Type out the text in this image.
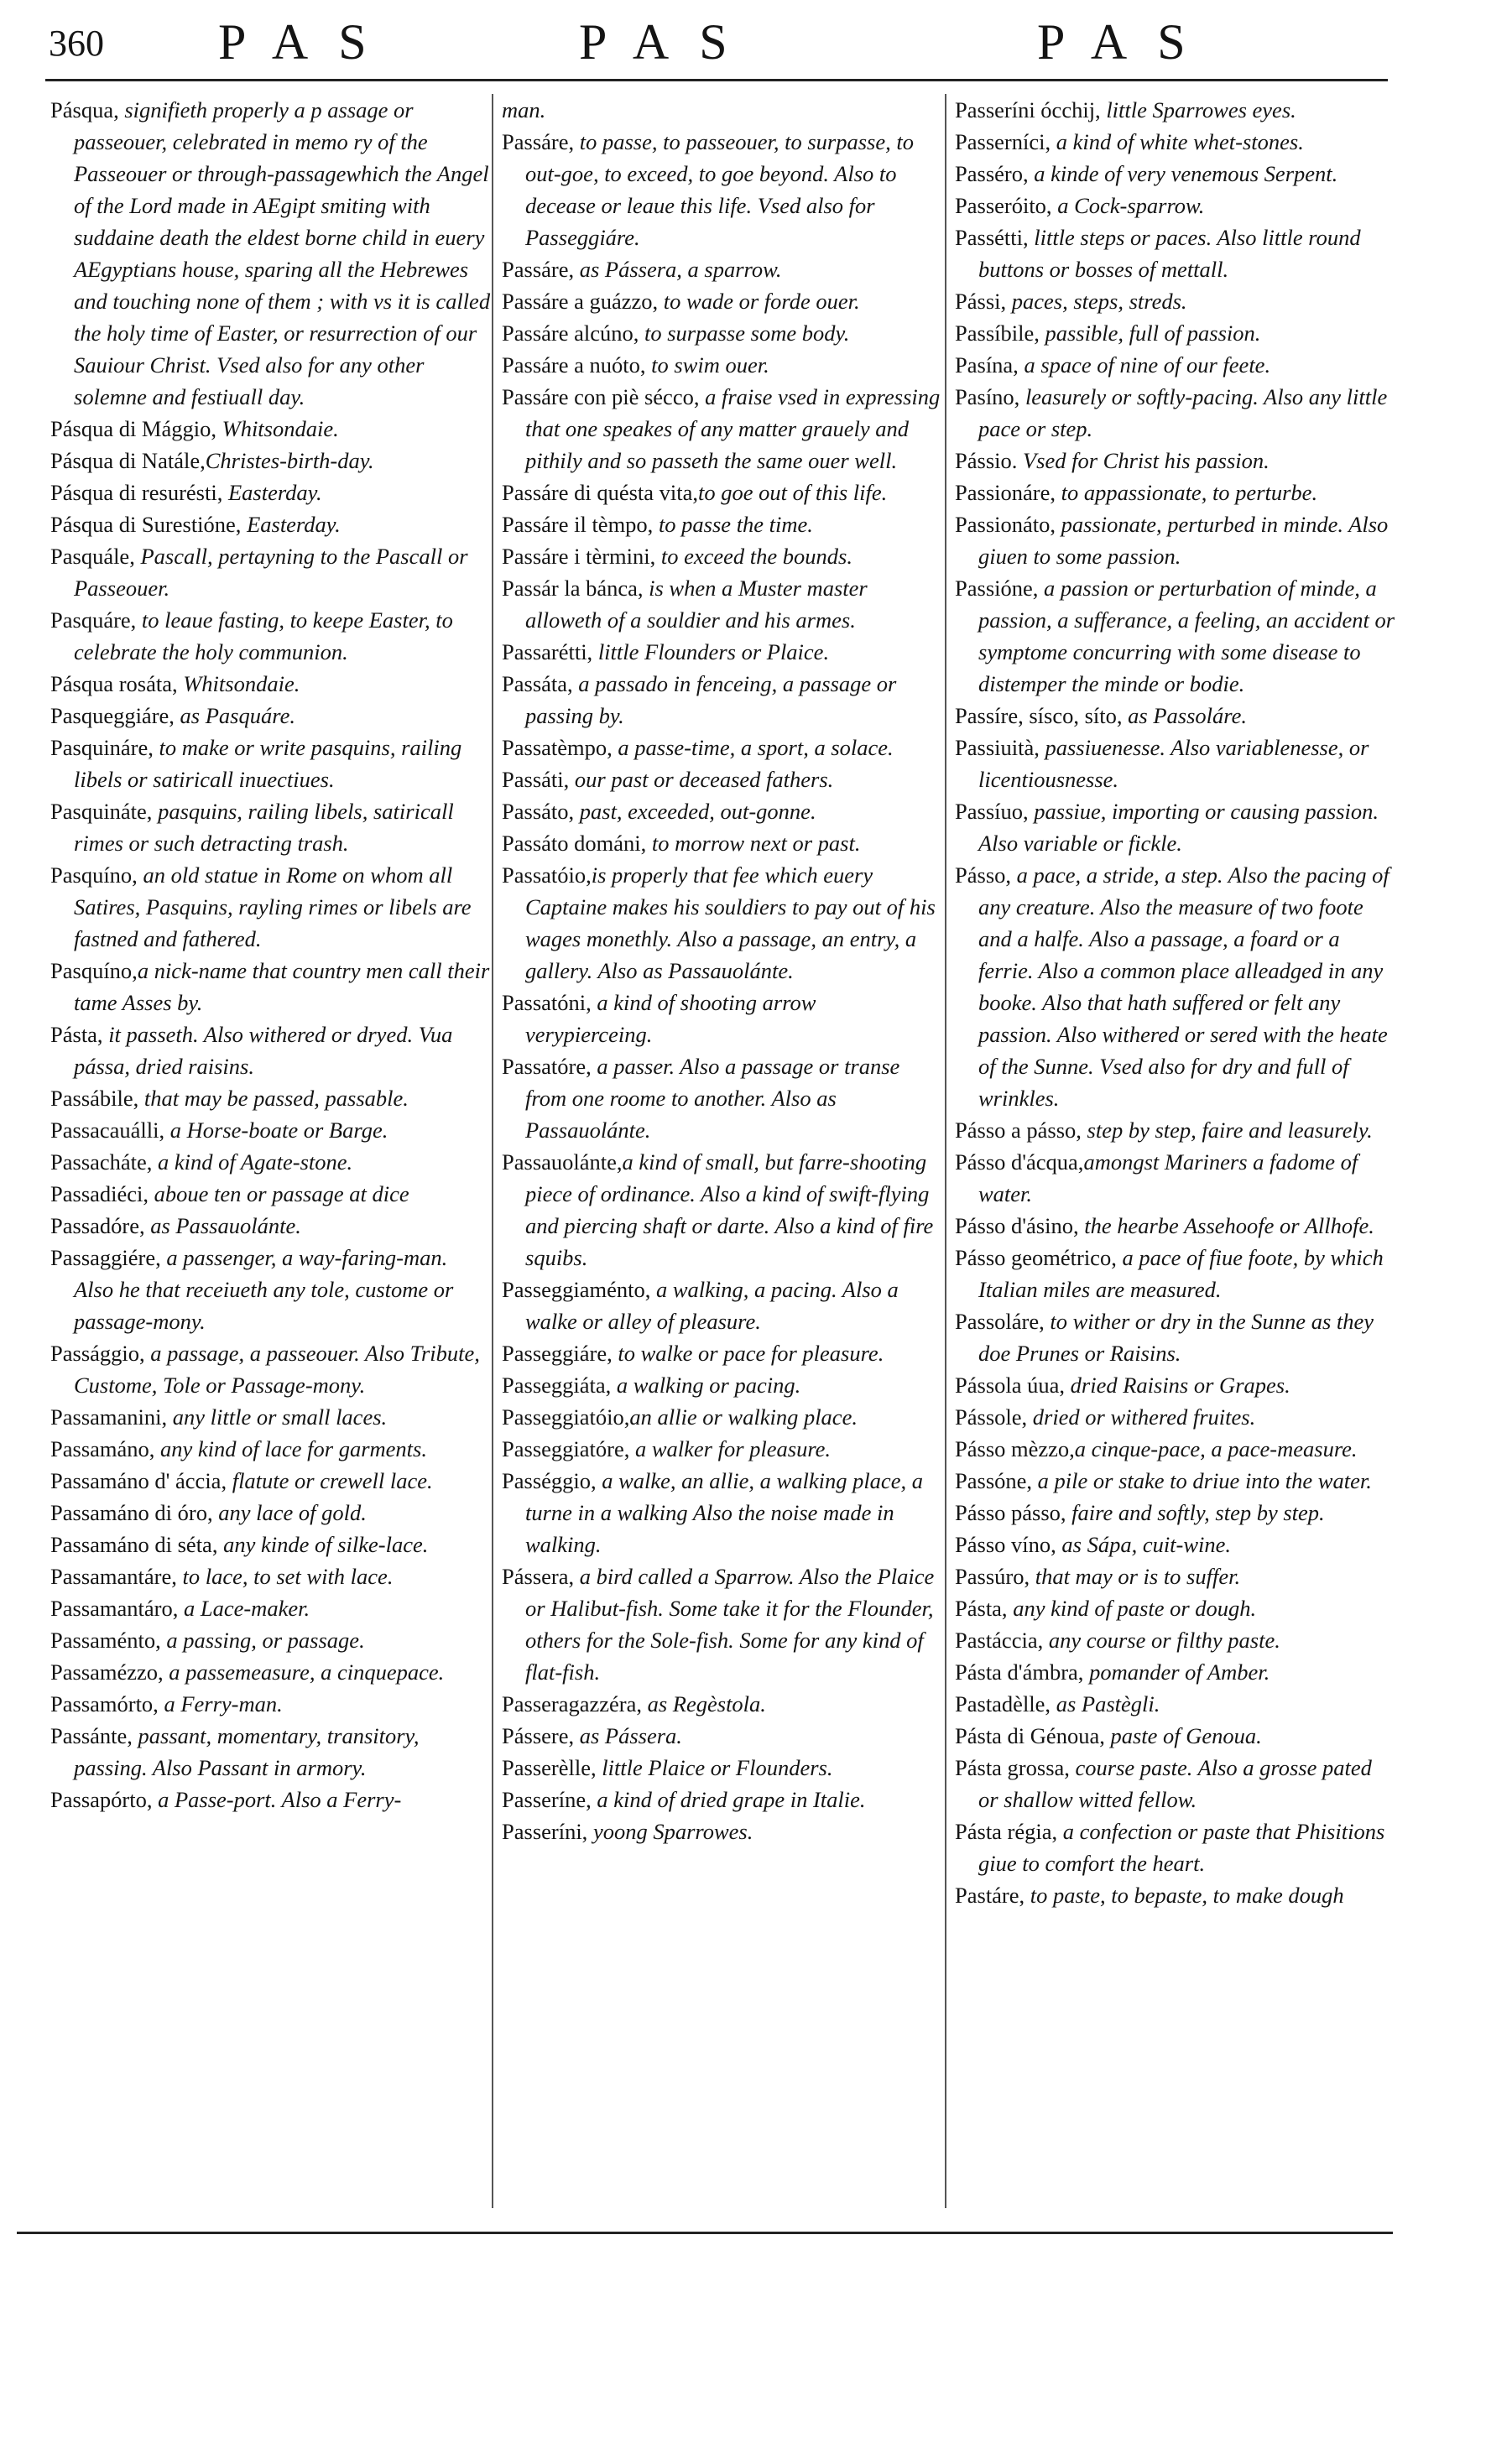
360 PAS	PAS	PAS

Pásqua, signifieth properly a p assage or passeouer, celebrated in memo ry of the Passeouer or through-passagewhich the Angel of the Lord made in AEgipt smiting with suddaine death the eldest borne child in euery AEgyptians house, sparing all the Hebrewes and touching none of them ; with vs it is called the holy time of Easter, or resurrection of our Sauiour Christ. Vsed also for any other solemne and festiuall day.

Pásqua di Mággio, Whitsondaie.

Pásqua di Natále,Christes-birth-day.

Pásqua di resurésti, Easterday.

Pásqua di Surestióne, Easterday.

Pasquále, Pascall, pertayning to the Pascall or Passeouer.

Pasquáre, to leaue fasting, to keepe Easter, to celebrate the holy communion.

Pásqua rosáta, Whitsondaie.

Pasqueggiáre, as Pasquáre.

Pasquináre, to make or write pasquins, railing libels or satiricall inuectiues.

Pasquináte, pasquins, railing libels, satiricall rimes or such detracting trash.

Pasquíno, an old statue in Rome on whom all Satires, Pasquins, rayling rimes or libels are fastned and fathered.

Pasquíno,a nick-name that country men call their tame Asses by.

Pásta, it passeth. Also withered or dryed. Vua pássa, dried raisins.

Passábile, that may be passed, passable.

Passacauálli, a Horse-boate or Barge.

Passacháte, a kind of Agate-stone.

Passadiéci, aboue ten or passage at dice

Passadóre, as Passauolánte.

Passaggiére, a passenger, a way-faring-man. Also he that receiueth any tole, custome or passage-mony.

Passággio, a passage, a passeouer. Also Tribute, Custome, Tole or Passage-mony.

Passamanini, any little or small laces.

Passamáno, any kind of lace for garments.

Passamáno d' áccia, flatute or crewell lace.

Passamáno di óro, any lace of gold.

Passamáno di séta, any kinde of silke-lace.

Passamantáre, to lace, to set with lace.

Passamantáro, a Lace-maker.

Passaménto, a passing, or passage.

Passamézzo, a passemeasure, a cinquepace.

Passamórto, a Ferry-man.

Passánte, passant, momentary, transitory, passing. Also Passant in armory.

Passapórto, a Passe-port. Also a Ferry-

man.

Passáre, to passe, to passeouer, to surpasse, to out-goe, to exceed, to goe beyond. Also to decease or leaue this life. Vsed also for Passeggiáre.

Passáre, as Pássera, a sparrow.

Passáre a guázzo, to wade or forde ouer.

Passáre alcúno, to surpasse some body.

Passáre a nuóto, to swim ouer.

Passáre con piè sécco, a fraise vsed in expressing that one speakes of any matter grauely and pithily and so passeth the same ouer well.

Passáre di quésta vita,to goe out of this life.

Passáre il tèmpo, to passe the time.

Passáre i tèrmini, to exceed the bounds.

Passár la bánca, is when a Muster master alloweth of a souldier and his armes.

Passarétti, little Flounders or Plaice.

Passáta, a passado in fenceing, a passage or passing by.

Passatèmpo, a passe-time, a sport, a solace.

Passáti, our past or deceased fathers.

Passáto, past, exceeded, out-gonne.

Passáto dománi, to morrow next or past.

Passatóio,is properly that fee which euery Captaine makes his souldiers to pay out of his wages monethly. Also a passage, an entry, a gallery. Also as Passauolánte.

Passatóni, a kind of shooting arrow verypierceing.

Passatóre, a passer. Also a passage or transe from one roome to another. Also as Passauolánte.

Passauolánte,a kind of small, but farre-shooting piece of ordinance. Also a kind of swift-flying and piercing shaft or darte. Also a kind of fire squibs.

Passeggiaménto, a walking, a pacing. Also a walke or alley of pleasure.

Passeggiáre, to walke or pace for pleasure.

Passeggiáta, a walking or pacing.

Passeggiatóio,an allie or walking place.

Passeggiatóre, a walker for pleasure.

Passéggio, a walke, an allie, a walking place, a turne in a walking Also the noise made in walking.

Pássera, a bird called a Sparrow. Also the Plaice or Halibut-fish. Some take it for the Flounder, others for the Sole-fish. Some for any kind of flat-fish.

Passeragazzéra, as Regèstola.

Pássere, as Pássera.

Passerèlle, little Plaice or Flounders.

Passeríne, a kind of dried grape in Italie.

Passeríni, yoong Sparrowes.

Passeríni ócchij, little Sparrowes eyes.

Passerníci, a kind of white whet-stones.

Passéro, a kinde of very venemous Serpent.

Passeróito, a Cock-sparrow.

Passétti, little steps or paces. Also little round buttons or bosses of mettall.

Pássi, paces, steps, streds.

Passíbile, passible, full of passion.

Pasína, a space of nine of our feete.

Pasíno, leasurely or softly-pacing. Also any little pace or step.

Pássio. Vsed for Christ his passion.

Passionáre, to appassionate, to perturbe.

Passionáto, passionate, perturbed in minde. Also giuen to some passion.

Passióne, a passion or perturbation of minde, a passion, a sufferance, a feeling, an accident or symptome concurring with some disease to distemper the minde or bodie.

Passíre, sísco, síto, as Passoláre.

Passiuità, passiuenesse. Also variablenesse, or licentiousnesse.

Passíuo, passiue, importing or causing passion. Also variable or fickle.

Pásso, a pace, a stride, a step. Also the pacing of any creature. Also the measure of two foote and a halfe. Also a passage, a foard or a ferrie. Also a common place alleadged in any booke. Also that hath suffered or felt any passion. Also withered or sered with the heate of the Sunne. Vsed also for dry and full of wrinkles.

Pásso a pásso, step by step, faire and leasurely.

Pásso d'ácqua,amongst Mariners a fadome of water.

Pásso d'ásino, the hearbe Assehoofe or Allhofe.

Pásso geométrico, a pace of fiue foote, by which Italian miles are measured.

Passoláre, to wither or dry in the Sunne as they doe Prunes or Raisins.

Pássola úua, dried Raisins or Grapes.

Pássole, dried or withered fruites.

Pásso mèzzo,a cinque-pace, a pace-measure.

Passóne, a pile or stake to driue into the water.

Pásso pásso, faire and softly, step by step.

Pásso víno, as Sápa, cuit-wine.

Passúro, that may or is to suffer.

Pásta, any kind of paste or dough.

Pastáccia, any course or filthy paste.

Pásta d'ámbra, pomander of Amber.

Pastadèlle, as Pastègli.

Pásta di Génoua, paste of Genoua.

Pásta grossa, course paste. Also a grosse pated or shallow witted fellow.

Pásta régia, a confection or paste that Phisitions giue to comfort the heart.

Pastáre, to paste, to bepaste, to make dough
